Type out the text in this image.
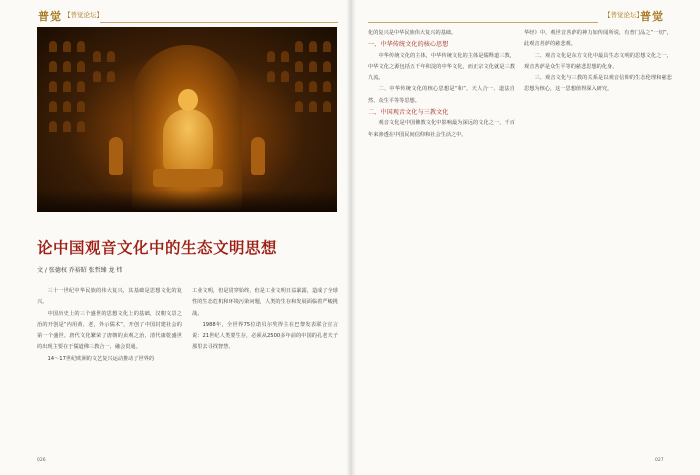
普觉 【普觉论坛】	【普觉论坛】
普觉
论中国观音文化中的生态文明思想
文 / 张德权 乔裕昭 张哲臻 龙 炜

三十一世纪中华民族的伟大复兴，其基础是思想文化的复兴。

中国历史上的三个盛世的思想文化上的基础，汉朝文景之治的开创是“内用黄、老，外示儒术”，开创了中国封建社会的第一个盛世。唐代文化繁荣了唐朝的贞观之治，清代康乾盛世的出现主要在于儒道佛三教合一，融会贯通。

14～17世纪欧洲的文艺复兴运动推动了世界的

工业文明，但是贯穿始终，但是工业文明日益暴露，造成了全球性的生态危机和环境污染问题，人类的生存和发展面临着严峻挑战。

1988年，全世界75位诺贝尔奖得主在巴黎发表联合宣言说：21世纪人类要生存，必须从2500多年前的中国的孔老夫子那里去寻找智慧。

026

化的复兴是中华民族伟大复兴的基础。

一、中华传统文化的核心思想

中华传统文化的主体，中华传统文化的主体是儒释道三教，中华文化之源包括五千年积淀的中华文化，而正宗文化就是三教九流。

二、中华传统文化的核心思想是“和”，天人合一、道法自然、众生平等等思想。

二、中国观音文化与三教文化

观音文化是中国佛教文化中影响最为深远的文化之一，千百年来渗透在中国民间信仰和社会生活之中。

华经》中，观世音菩萨的神力如传闻所说，有普门品之“一切”，此观音菩萨的慈悲观。

二、观音文化是东方文化中最具生态文明的思想文化之一，观音菩萨是众生平等的慈悲思想的化身。

三、观音文化与三教的关系是以观音信仰的生态伦理和慈悲思想为核心，这一思想值得深入研究。

027
